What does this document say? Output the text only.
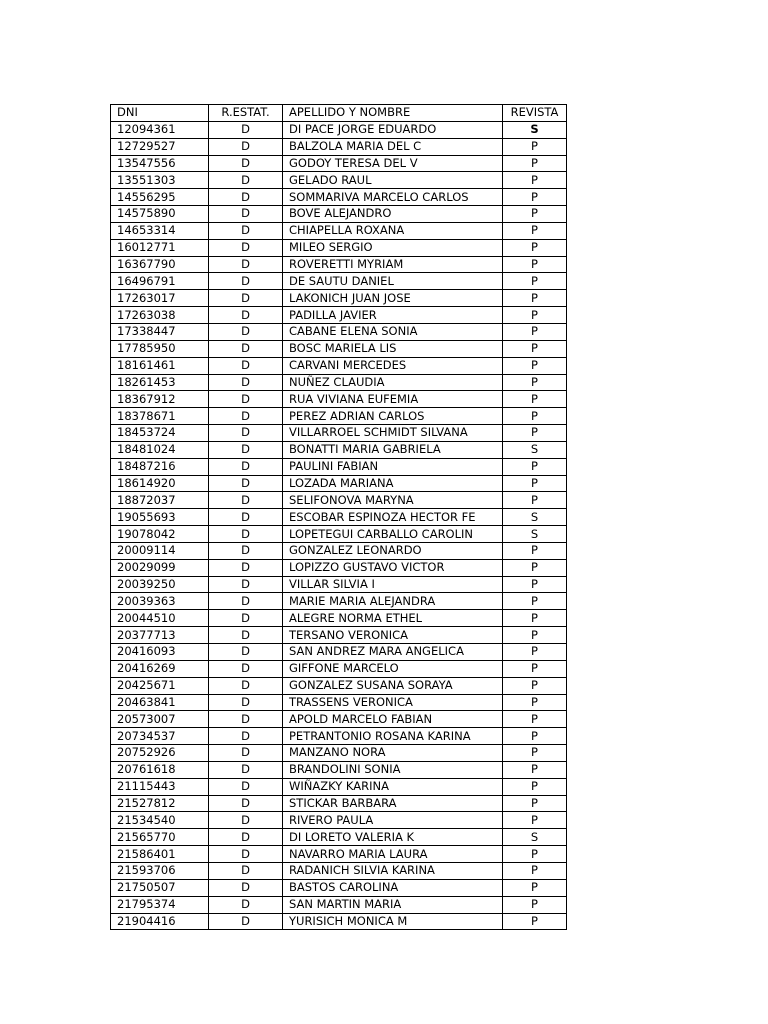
DNI	R.ESTAT.	APELLIDO Y NOMBRE	REVISTA
12094361	D	DI PACE JORGE EDUARDO	S
12729527	D	BALZOLA MARIA DEL C	P
13547556	D	GODOY TERESA DEL V	P
13551303	D	GELADO RAUL	P
14556295	D	SOMMARIVA MARCELO CARLOS	P
14575890	D	BOVE ALEJANDRO	P
14653314	D	CHIAPELLA ROXANA	P
16012771	D	MILEO SERGIO	P
16367790	D	ROVERETTI MYRIAM	P
16496791	D	DE SAUTU DANIEL	P
17263017	D	LAKONICH JUAN JOSE	P
17263038	D	PADILLA JAVIER	P
17338447	D	CABANE ELENA SONIA	P
17785950	D	BOSC MARIELA LIS	P
18161461	D	CARVANI MERCEDES	P
18261453	D	NUÑEZ CLAUDIA	P
18367912	D	RUA VIVIANA EUFEMIA	P
18378671	D	PEREZ ADRIAN CARLOS	P
18453724	D	VILLARROEL SCHMIDT SILVANA	P
18481024	D	BONATTI MARIA GABRIELA	S
18487216	D	PAULINI FABIAN	P
18614920	D	LOZADA MARIANA	P
18872037	D	SELIFONOVA MARYNA	P
19055693	D	ESCOBAR ESPINOZA HECTOR FE	S
19078042	D	LOPETEGUI CARBALLO CAROLIN	S
20009114	D	GONZALEZ LEONARDO	P
20029099	D	LOPIZZO GUSTAVO VICTOR	P
20039250	D	VILLAR SILVIA I	P
20039363	D	MARIE MARIA ALEJANDRA	P
20044510	D	ALEGRE NORMA ETHEL	P
20377713	D	TERSANO VERONICA	P
20416093	D	SAN ANDREZ MARA ANGELICA	P
20416269	D	GIFFONE MARCELO	P
20425671	D	GONZALEZ SUSANA SORAYA	P
20463841	D	TRASSENS VERONICA	P
20573007	D	APOLD MARCELO FABIAN	P
20734537	D	PETRANTONIO ROSANA KARINA	P
20752926	D	MANZANO NORA	P
20761618	D	BRANDOLINI SONIA	P
21115443	D	WIÑAZKY KARINA	P
21527812	D	STICKAR BARBARA	P
21534540	D	RIVERO PAULA	P
21565770	D	DI LORETO VALERIA K	S
21586401	D	NAVARRO MARIA LAURA	P
21593706	D	RADANICH SILVIA KARINA	P
21750507	D	BASTOS CAROLINA	P
21795374	D	SAN MARTIN MARIA	P
21904416	D	YURISICH MONICA M	P
